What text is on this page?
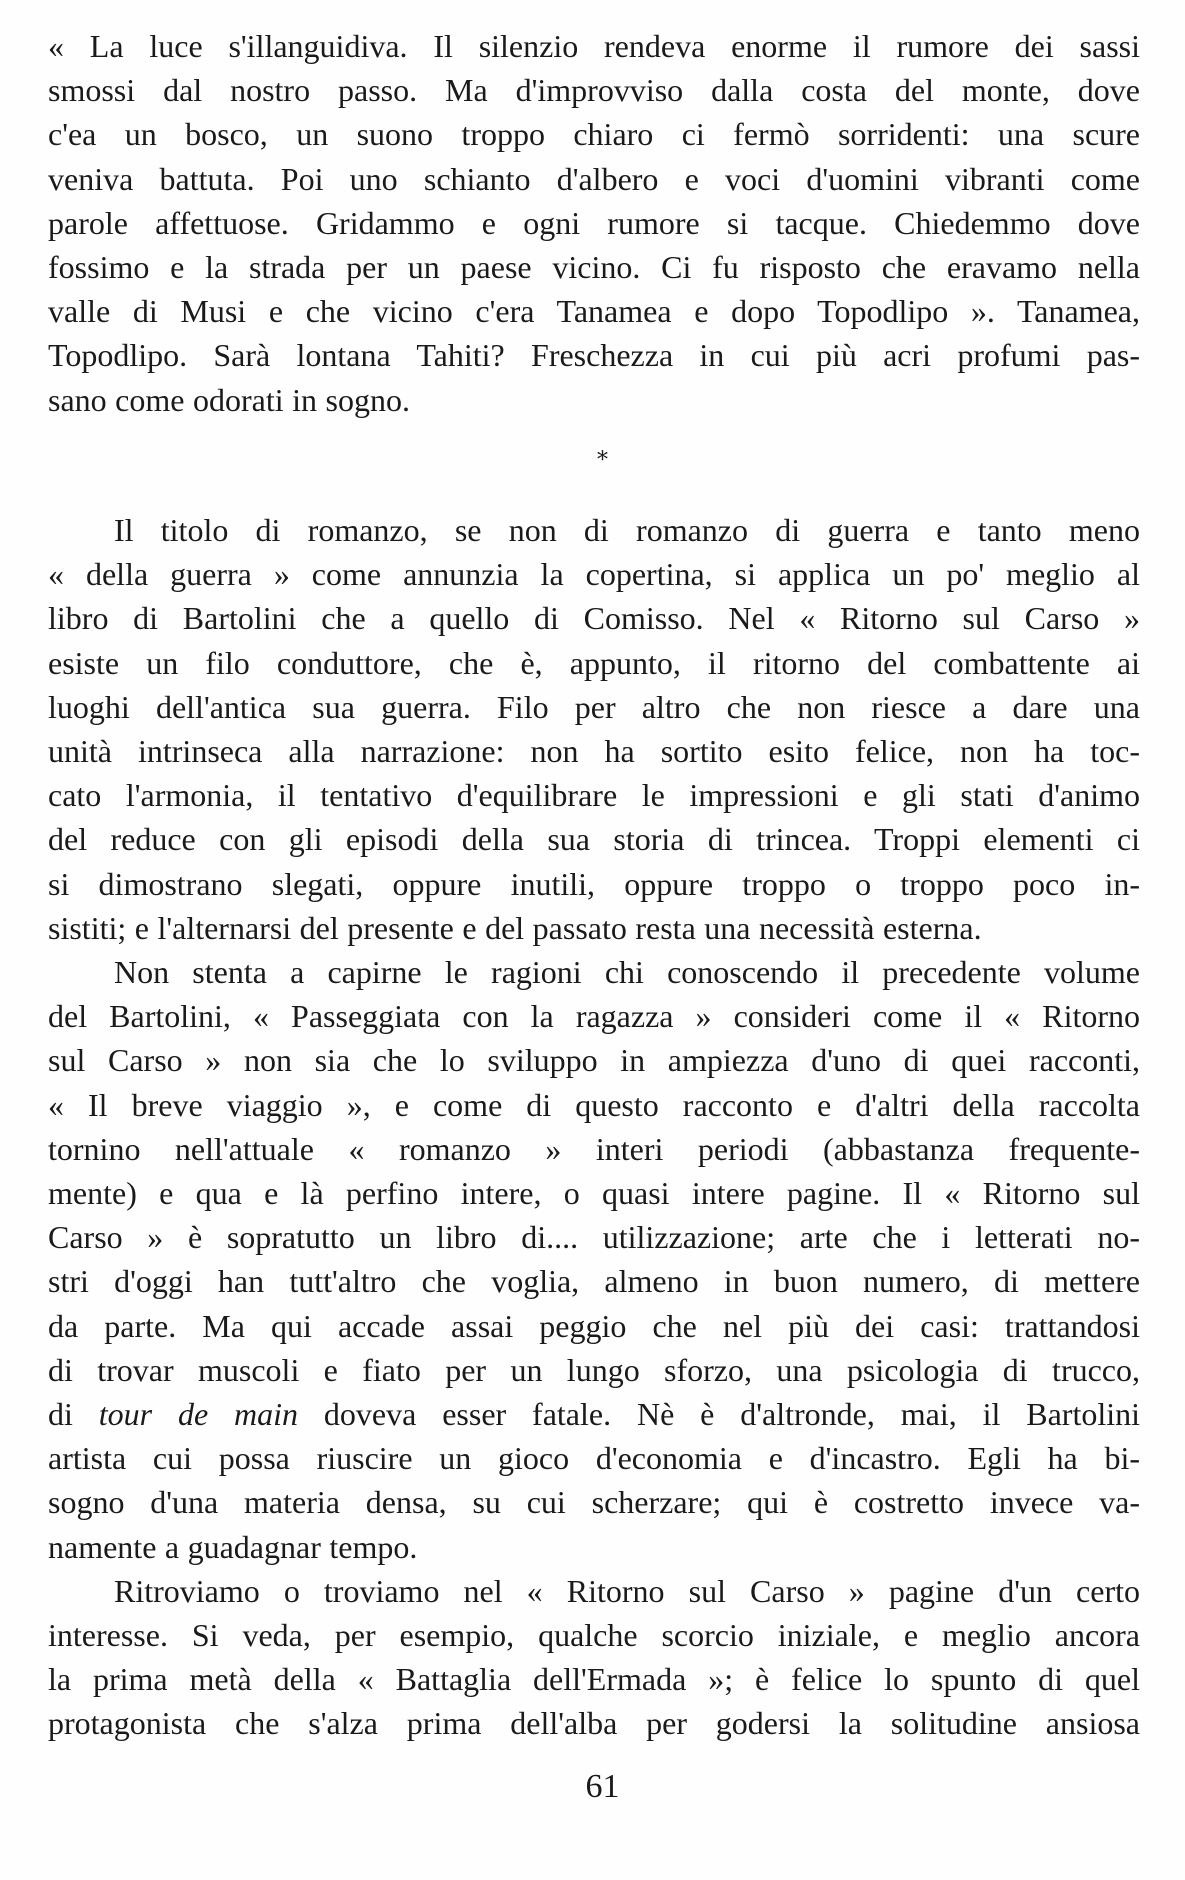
« La luce s'illanguidiva. Il silenzio rendeva enorme il rumore dei sassi
smossi dal nostro passo. Ma d'improvviso dalla costa del monte, dove
c'ea un bosco, un suono troppo chiaro ci fermò sorridenti: una scure
veniva battuta. Poi uno schianto d'albero e voci d'uomini vibranti come
parole affettuose. Gridammo e ogni rumore si tacque. Chiedemmo dove
fossimo e la strada per un paese vicino. Ci fu risposto che eravamo nella
valle di Musi e che vicino c'era Tanamea e dopo Topodlipo ». Tanamea,
Topodlipo. Sarà lontana Tahiti? Freschezza in cui più acri profumi pas-
sano come odorati in sogno.
*
Il titolo di romanzo, se non di romanzo di guerra e tanto meno
« della guerra » come annunzia la copertina, si applica un po' meglio al
libro di Bartolini che a quello di Comisso. Nel « Ritorno sul Carso »
esiste un filo conduttore, che è, appunto, il ritorno del combattente ai
luoghi dell'antica sua guerra. Filo per altro che non riesce a dare una
unità intrinseca alla narrazione: non ha sortito esito felice, non ha toc-
cato l'armonia, il tentativo d'equilibrare le impressioni e gli stati d'animo
del reduce con gli episodi della sua storia di trincea. Troppi elementi ci
si dimostrano slegati, oppure inutili, oppure troppo o troppo poco in-
sistiti; e l'alternarsi del presente e del passato resta una necessità esterna.
Non stenta a capirne le ragioni chi conoscendo il precedente volume
del Bartolini, « Passeggiata con la ragazza » consideri come il « Ritorno
sul Carso » non sia che lo sviluppo in ampiezza d'uno di quei racconti,
« Il breve viaggio », e come di questo racconto e d'altri della raccolta
tornino nell'attuale « romanzo » interi periodi (abbastanza frequente-
mente) e qua e là perfino intere, o quasi intere pagine. Il « Ritorno sul
Carso » è sopratutto un libro di.... utilizzazione; arte che i letterati no-
stri d'oggi han tutt'altro che voglia, almeno in buon numero, di mettere
da parte. Ma qui accade assai peggio che nel più dei casi: trattandosi
di trovar muscoli e fiato per un lungo sforzo, una psicologia di trucco,
di tour de main doveva esser fatale. Nè è d'altronde, mai, il Bartolini
artista cui possa riuscire un gioco d'economia e d'incastro. Egli ha bi-
sogno d'una materia densa, su cui scherzare; qui è costretto invece va-
namente a guadagnar tempo.
Ritroviamo o troviamo nel « Ritorno sul Carso » pagine d'un certo
interesse. Si veda, per esempio, qualche scorcio iniziale, e meglio ancora
la prima metà della « Battaglia dell'Ermada »; è felice lo spunto di quel
protagonista che s'alza prima dell'alba per godersi la solitudine ansiosa
61
